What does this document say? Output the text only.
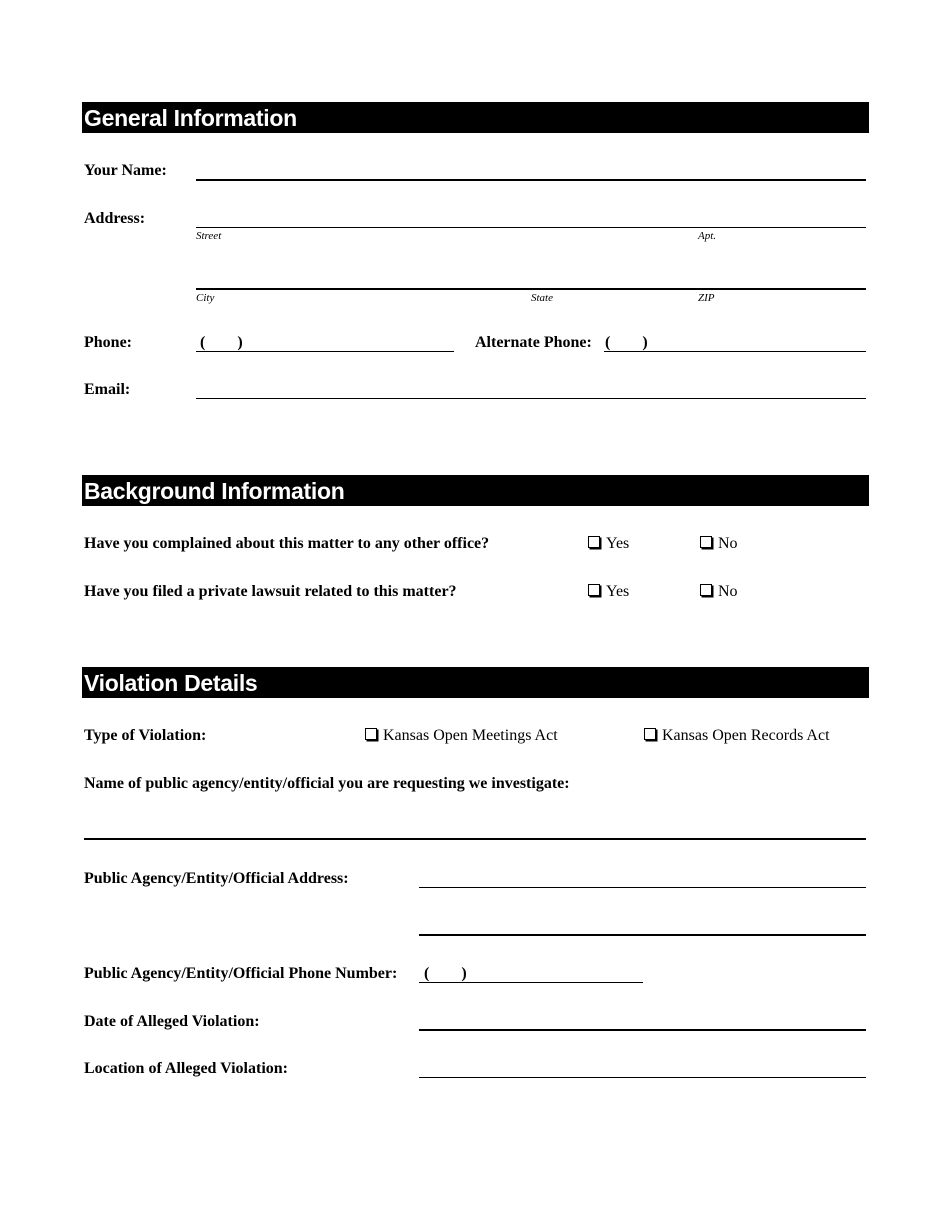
General Information
Your Name:
Address:
Street	Apt.
City	State	ZIP
Phone:	(        )	Alternate Phone: (        )
Email:
Background Information
Have you complained about this matter to any other office?	Yes	No
Have you filed a private lawsuit related to this matter?	Yes	No
Violation Details
Type of Violation:	Kansas Open Meetings Act	Kansas Open Records Act
Name of public agency/entity/official you are requesting we investigate:
Public Agency/Entity/Official Address:
Public Agency/Entity/Official Phone Number: (        )
Date of Alleged Violation:
Location of Alleged Violation:
